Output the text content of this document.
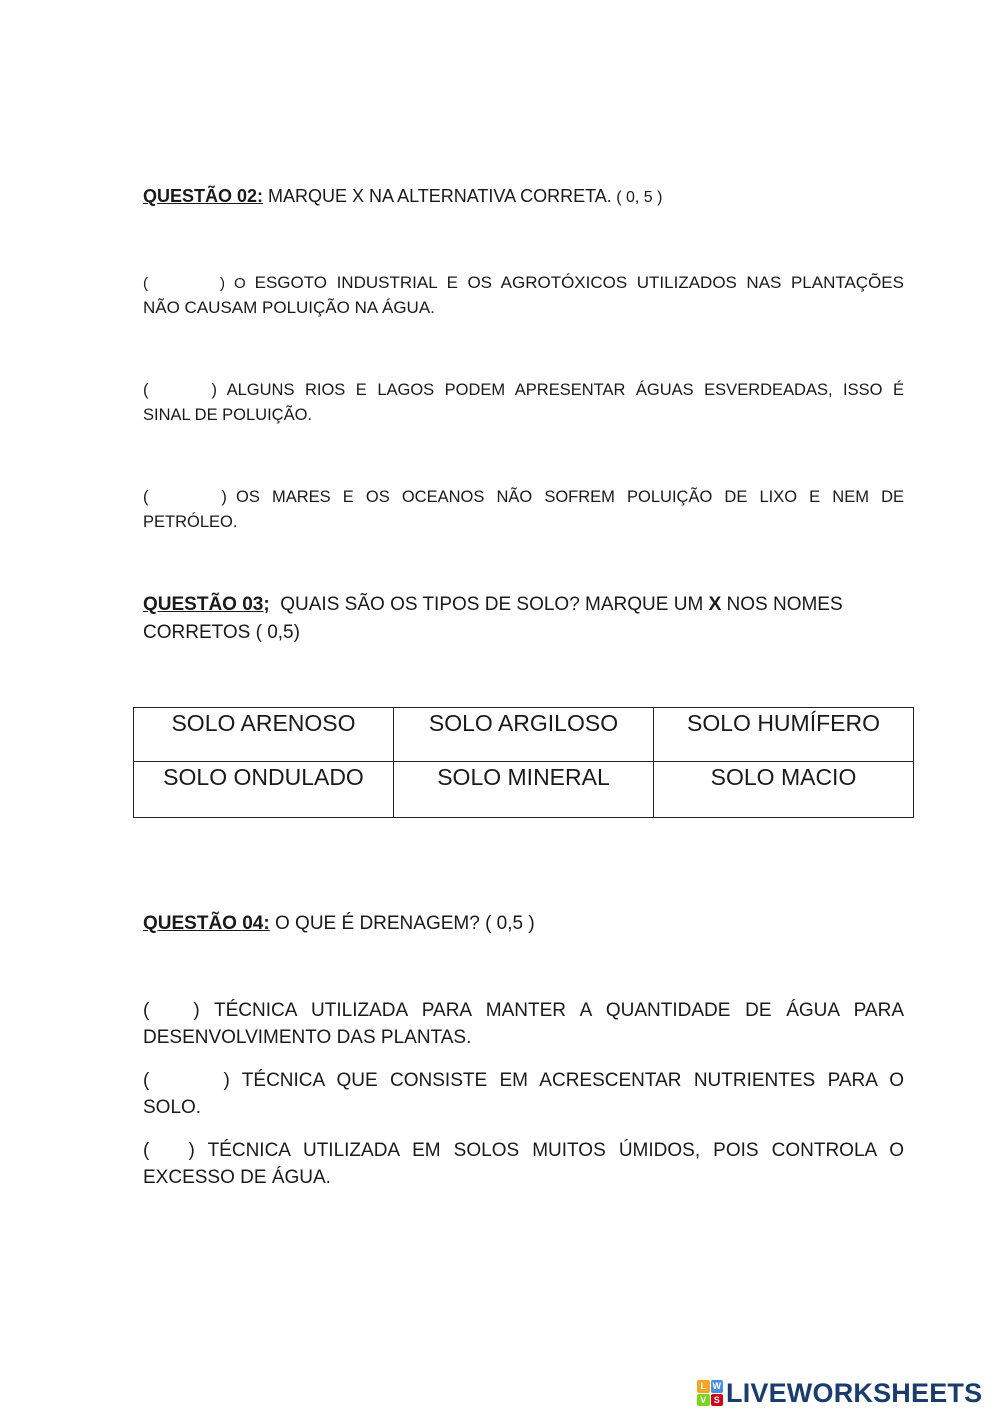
QUESTÃO 02: MARQUE X NA ALTERNATIVA CORRETA. ( 0, 5 )
(        ) O ESGOTO INDUSTRIAL E OS AGROTÓXICOS UTILIZADOS NAS PLANTAÇÕES
NÃO CAUSAM POLUIÇÃO NA ÁGUA.
(      ) ALGUNS RIOS E LAGOS PODEM APRESENTAR ÁGUAS ESVERDEADAS, ISSO É
SINAL DE POLUIÇÃO.
(        ) OS MARES E OS OCEANOS NÃO SOFREM POLUIÇÃO DE LIXO E NEM DE
PETRÓLEO.
QUESTÃO 03;  QUAIS SÃO OS TIPOS DE SOLO? MARQUE UM X NOS NOMES
CORRETOS ( 0,5)
SOLO ARENOSO	SOLO ARGILOSO	SOLO HUMÍFERO
SOLO ONDULADO	SOLO MINERAL	SOLO MACIO
QUESTÃO 04: O QUE É DRENAGEM? ( 0,5 )
(   ) TÉCNICA UTILIZADA PARA MANTER A QUANTIDADE DE ÁGUA PARA
DESENVOLVIMENTO DAS PLANTAS.
(      ) TÉCNICA QUE CONSISTE EM ACRESCENTAR NUTRIENTES PARA O
SOLO.
(   ) TÉCNICA UTILIZADA EM SOLOS MUITOS ÚMIDOS, POIS CONTROLA O
EXCESSO DE ÁGUA.
L W
V S LIVEWORKSHEETS
